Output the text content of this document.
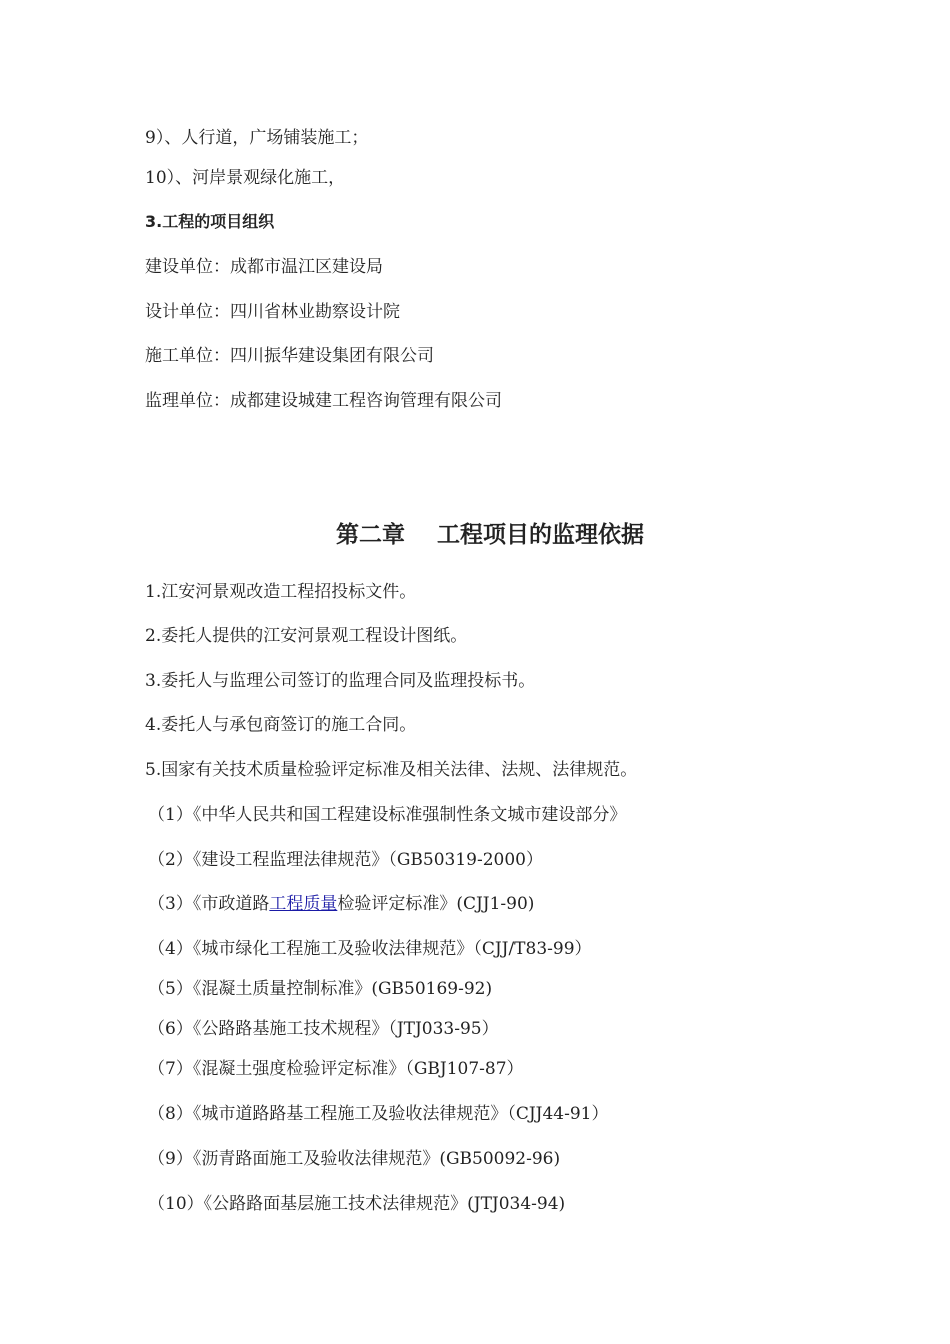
9）、人行道，广场铺装施工；

10）、河岸景观绿化施工，

3.工程的项目组织

建设单位：成都市温江区建设局

设计单位：四川省林业勘察设计院

施工单位：四川振华建设集团有限公司

监理单位：成都建设城建工程咨询管理有限公司

第二章 工程项目的监理依据

1.江安河景观改造工程招投标文件。

2.委托人提供的江安河景观工程设计图纸。

3.委托人与监理公司签订的监理合同及监理投标书。

4.委托人与承包商签订的施工合同。

5.国家有关技术质量检验评定标准及相关法律、法规、法律规范。

（1）《中华人民共和国工程建设标准强制性条文城市建设部分》

（2）《建设工程监理法律规范》（GB50319-2000）

（3）《市政道路工程质量检验评定标准》(CJJ1-90)

（4）《城市绿化工程施工及验收法律规范》（CJJ/T83-99）

（5）《混凝土质量控制标准》(GB50169-92)

（6）《公路路基施工技术规程》（JTJ033-95）

（7）《混凝土强度检验评定标准》（GBJ107-87）

（8）《城市道路路基工程施工及验收法律规范》（CJJ44-91）

（9）《沥青路面施工及验收法律规范》(GB50092-96)

（10）《公路路面基层施工技术法律规范》(JTJ034-94)
